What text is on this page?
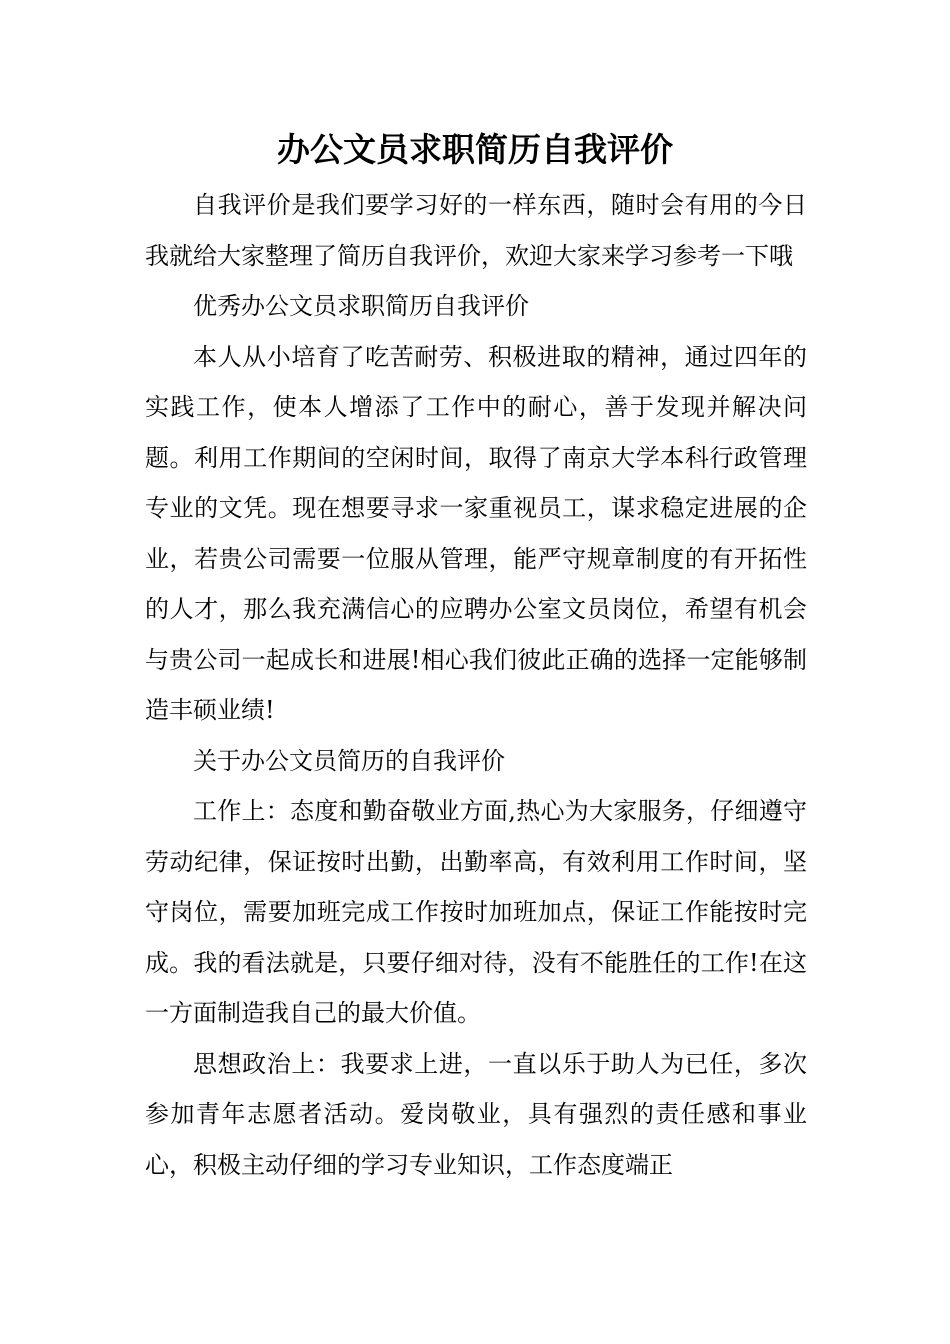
办公文员求职简历自我评价

自我评价是我们要学习好的一样东西，随时会有用的今日我就给大家整理了简历自我评价，欢迎大家来学习参考一下哦

优秀办公文员求职简历自我评价

本人从小培育了吃苦耐劳、积极进取的精神，通过四年的实践工作，使本人增添了工作中的耐心，善于发现并解决问题。利用工作期间的空闲时间，取得了南京大学本科行政管理专业的文凭。现在想要寻求一家重视员工，谋求稳定进展的企业，若贵公司需要一位服从管理，能严守规章制度的有开拓性的人才，那么我充满信心的应聘办公室文员岗位，希望有机会与贵公司一起成长和进展!相心我们彼此正确的选择一定能够制造丰硕业绩!

关于办公文员简历的自我评价

工作上：态度和勤奋敬业方面,热心为大家服务，仔细遵守劳动纪律，保证按时出勤，出勤率高，有效利用工作时间，坚守岗位，需要加班完成工作按时加班加点，保证工作能按时完成。我的看法就是，只要仔细对待，没有不能胜任的工作!在这一方面制造我自己的最大价值。

思想政治上：我要求上进，一直以乐于助人为已任，多次参加青年志愿者活动。爱岗敬业，具有强烈的责任感和事业心，积极主动仔细的学习专业知识，工作态度端正
